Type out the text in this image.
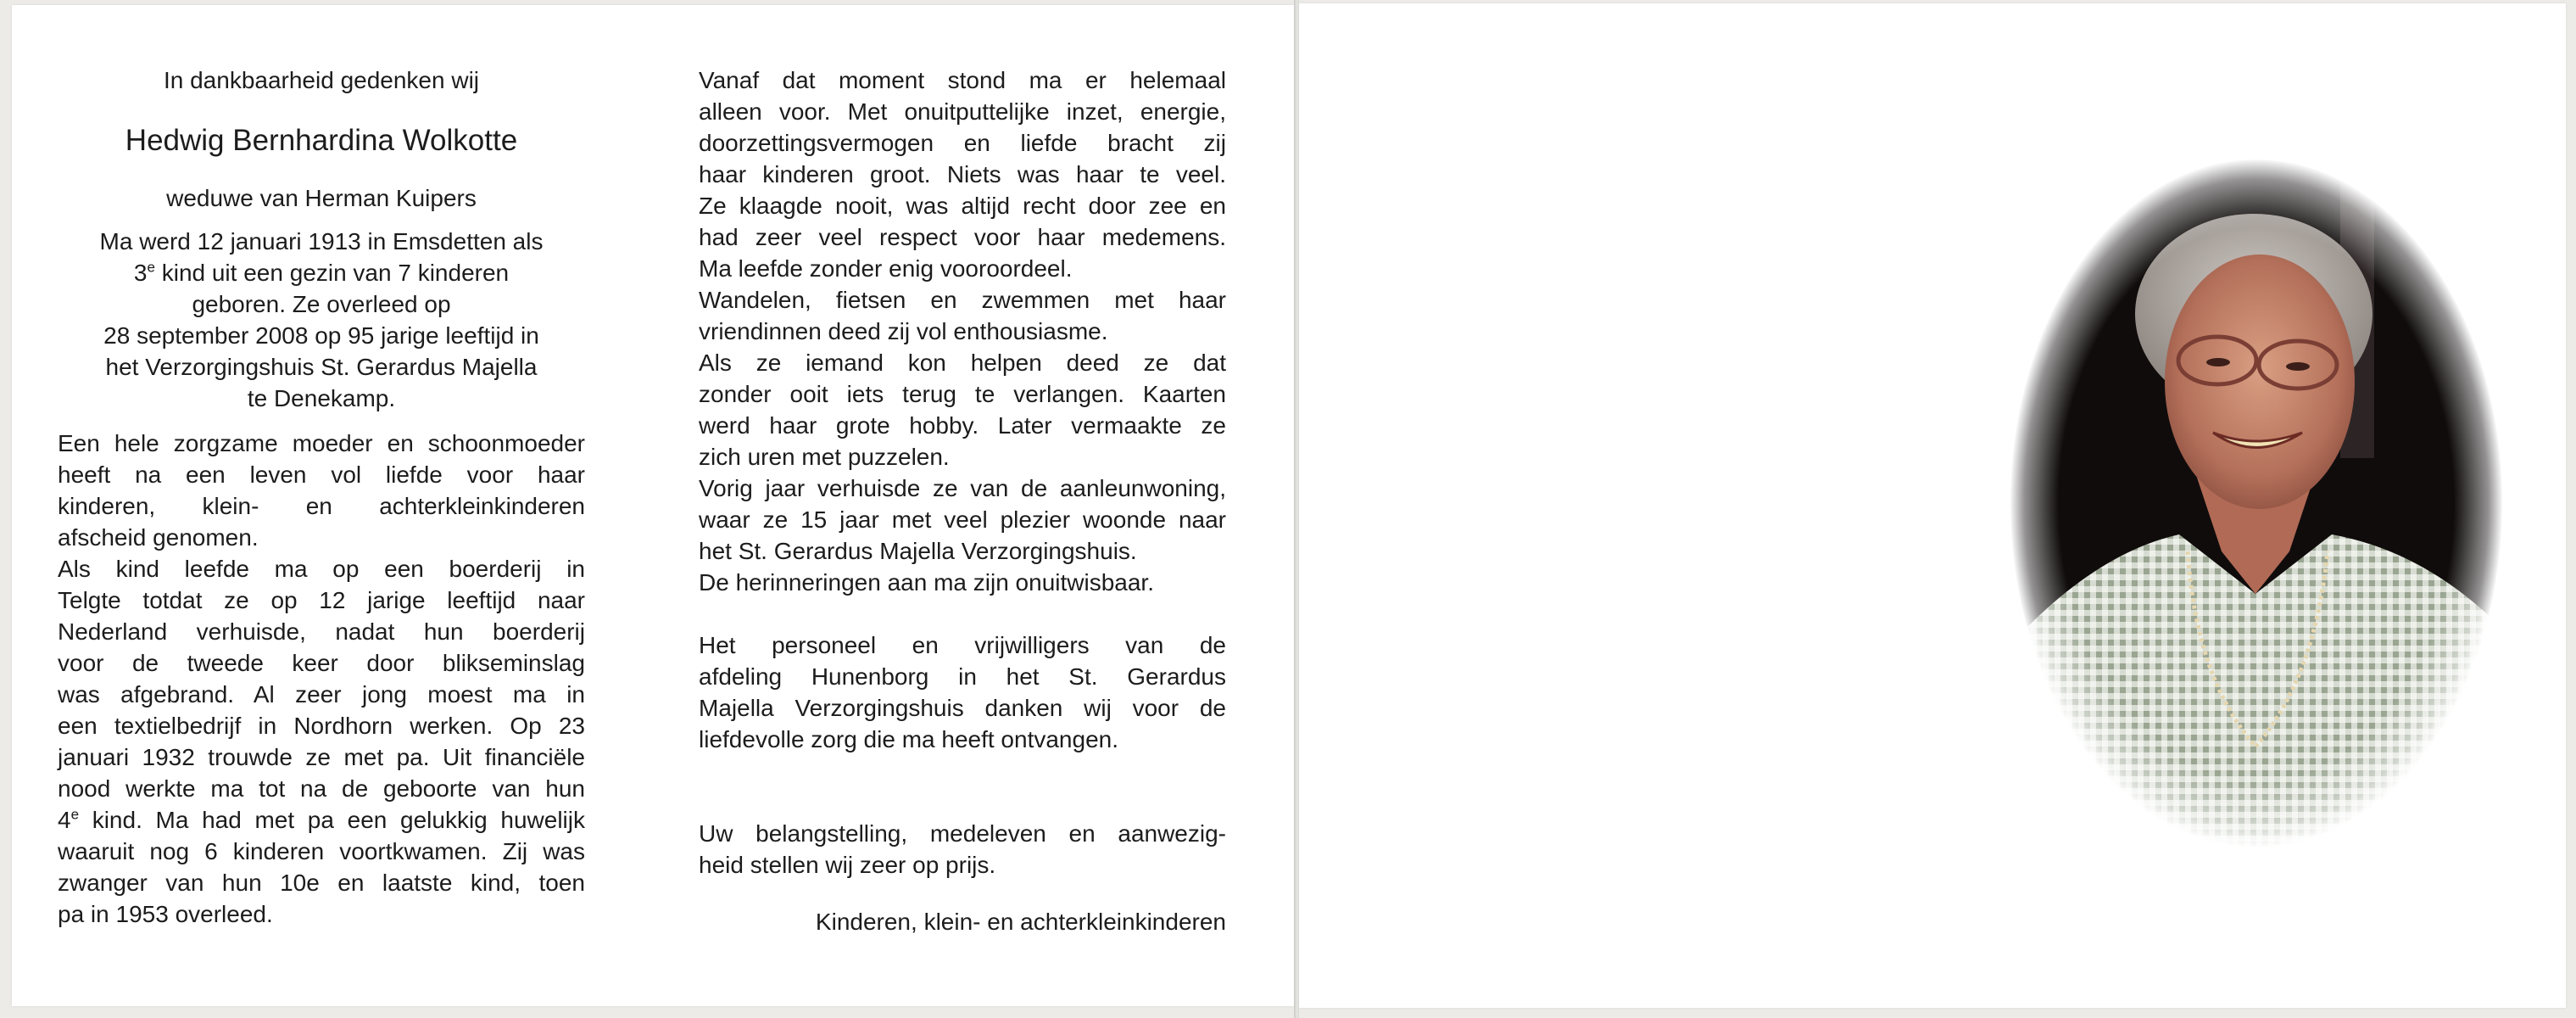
In dankbaarheid gedenken wij
Hedwig Bernhardina Wolkotte
weduwe van Herman Kuipers
Ma werd 12 januari 1913 in Emsdetten als
3e kind uit een gezin van 7 kinderen
geboren. Ze overleed op
28 september 2008 op 95 jarige leeftijd in
het Verzorgingshuis St. Gerardus Majella
te Denekamp.
Een hele zorgzame moeder en schoonmoeder
heeft na een leven vol liefde voor haar
kinderen, klein- en achterkleinkinderen
afscheid genomen.
Als kind leefde ma op een boerderij in
Telgte totdat ze op 12 jarige leeftijd naar
Nederland verhuisde, nadat hun boerderij
voor de tweede keer door blikseminslag
was afgebrand. Al zeer jong moest ma in
een textielbedrijf in Nordhorn werken. Op 23
januari 1932 trouwde ze met pa. Uit financiële
nood werkte ma tot na de geboorte van hun
4e kind. Ma had met pa een gelukkig huwelijk
waaruit nog 6 kinderen voortkwamen. Zij was
zwanger van hun 10e en laatste kind, toen
pa in 1953 overleed.
Vanaf dat moment stond ma er helemaal
alleen voor. Met onuitputtelijke inzet, energie,
doorzettingsvermogen en liefde bracht zij
haar kinderen groot. Niets was haar te veel.
Ze klaagde nooit, was altijd recht door zee en
had zeer veel respect voor haar medemens.
Ma leefde zonder enig vooroordeel.
Wandelen, fietsen en zwemmen met haar
vriendinnen deed zij vol enthousiasme.
Als ze iemand kon helpen deed ze dat
zonder ooit iets terug te verlangen. Kaarten
werd haar grote hobby. Later vermaakte ze
zich uren met puzzelen.
Vorig jaar verhuisde ze van de aanleunwoning,
waar ze 15 jaar met veel plezier woonde naar
het St. Gerardus Majella Verzorgingshuis.
De herinneringen aan ma zijn onuitwisbaar.
Het personeel en vrijwilligers van de
afdeling Hunenborg in het St. Gerardus
Majella Verzorgingshuis danken wij voor de
liefdevolle zorg die ma heeft ontvangen.
Uw belangstelling, medeleven en aanwezig-
heid stellen wij zeer op prijs.
Kinderen, klein- en achterkleinkinderen
